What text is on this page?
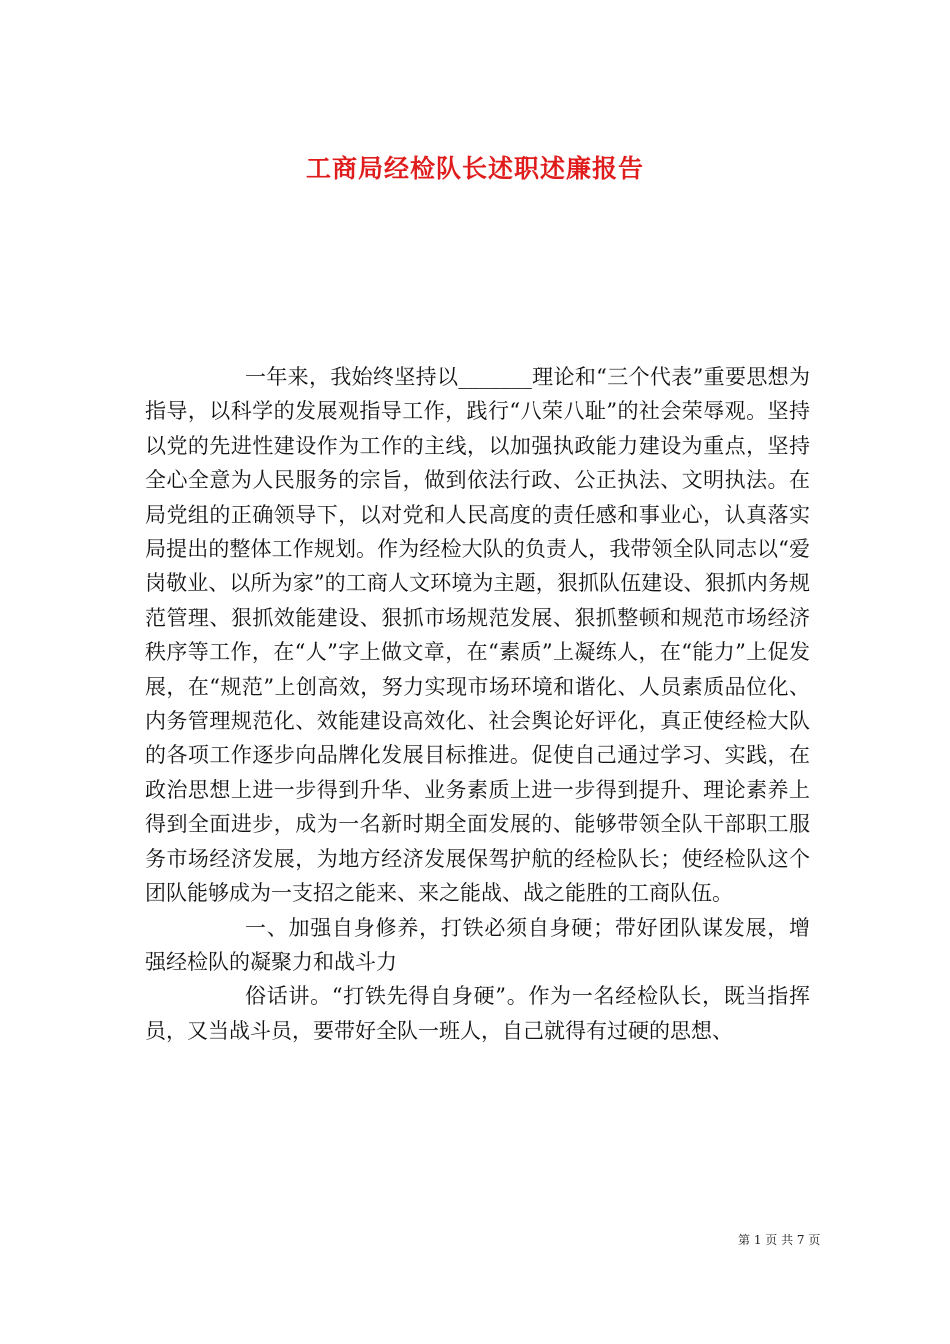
工商局经检队长述职述廉报告

一年来，我始终坚持以_______理论和“三个代表”重要思想为指导，以科学的发展观指导工作，践行“八荣八耻”的社会荣辱观。坚持以党的先进性建设作为工作的主线，以加强执政能力建设为重点，坚持全心全意为人民服务的宗旨，做到依法行政、公正执法、文明执法。在局党组的正确领导下，以对党和人民高度的责任感和事业心，认真落实局提出的整体工作规划。作为经检大队的负责人，我带领全队同志以“爱岗敬业、以所为家”的工商人文环境为主题，狠抓队伍建设、狠抓内务规范管理、狠抓效能建设、狠抓市场规范发展、狠抓整顿和规范市场经济秩序等工作，在“人”字上做文章，在“素质”上凝练人，在“能力”上促发展，在“规范”上创高效，努力实现市场环境和谐化、人员素质品位化、内务管理规范化、效能建设高效化、社会舆论好评化，真正使经检大队的各项工作逐步向品牌化发展目标推进。促使自己通过学习、实践，在政治思想上进一步得到升华、业务素质上进一步得到提升、理论素养上得到全面进步，成为一名新时期全面发展的、能够带领全队干部职工服务市场经济发展，为地方经济发展保驾护航的经检队长；使经检队这个团队能够成为一支招之能来、来之能战、战之能胜的工商队伍。

一、加强自身修养，打铁必须自身硬；带好团队谋发展，增强经检队的凝聚力和战斗力

俗话讲。“打铁先得自身硬”。作为一名经检队长，既当指挥员，又当战斗员，要带好全队一班人，自己就得有过硬的思想、

第 1 页 共 7 页
